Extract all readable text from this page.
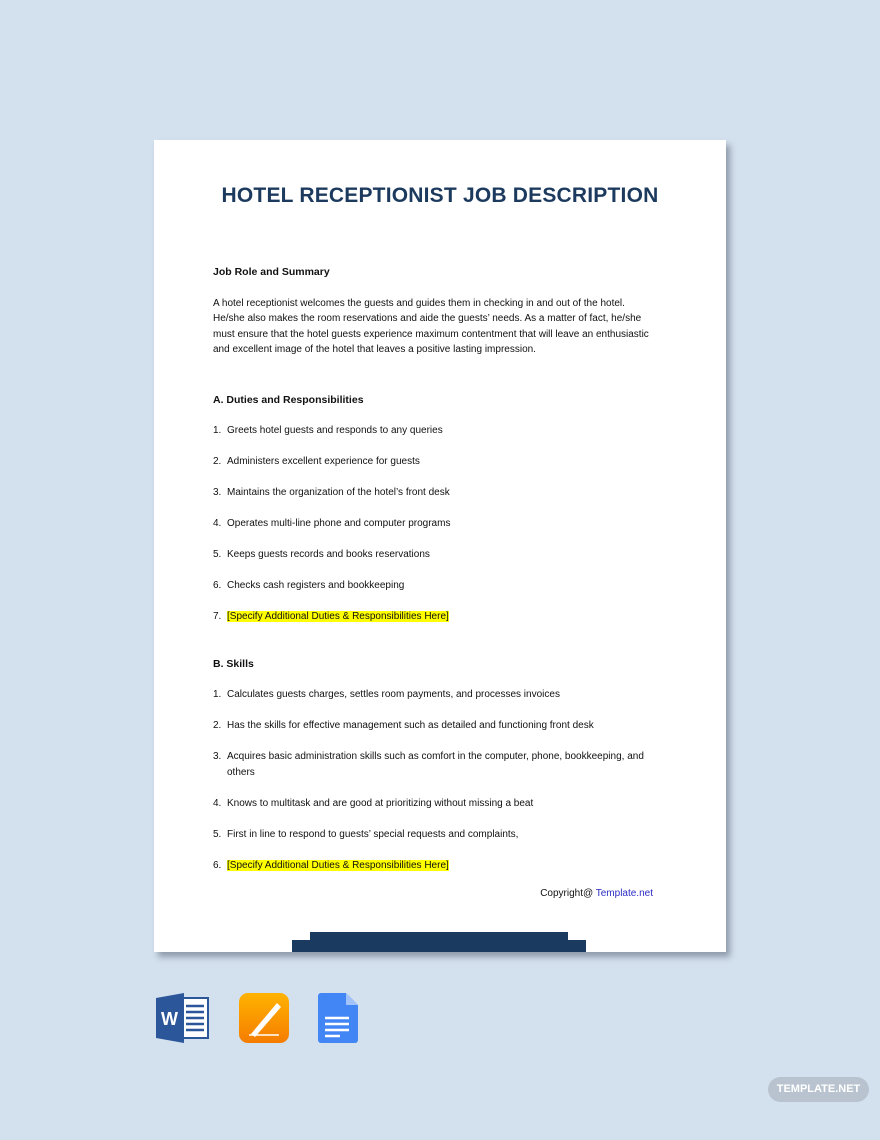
HOTEL RECEPTIONIST JOB DESCRIPTION
Job Role and Summary
A hotel receptionist welcomes the guests and guides them in checking in and out of the hotel.
He/she also makes the room reservations and aide the guests’ needs. As a matter of fact, he/she
must ensure that the hotel guests experience maximum contentment that will leave an enthusiastic
and excellent image of the hotel that leaves a positive lasting impression.
A. Duties and Responsibilities
1. Greets hotel guests and responds to any queries
2. Administers excellent experience for guests
3. Maintains the organization of the hotel’s front desk
4. Operates multi-line phone and computer programs
5. Keeps guests records and books reservations
6. Checks cash registers and bookkeeping
7. [Specify Additional Duties & Responsibilities Here]
B. Skills
1. Calculates guests charges, settles room payments, and processes invoices
2. Has the skills for effective management such as detailed and functioning front desk
3. Acquires basic administration skills such as comfort in the computer, phone, bookkeeping, and
others
4. Knows to multitask and are good at prioritizing without missing a beat
5. First in line to respond to guests’ special requests and complaints,
6. [Specify Additional Duties & Responsibilities Here]
Copyright@ Template.net
W
TEMPLATE.NET
